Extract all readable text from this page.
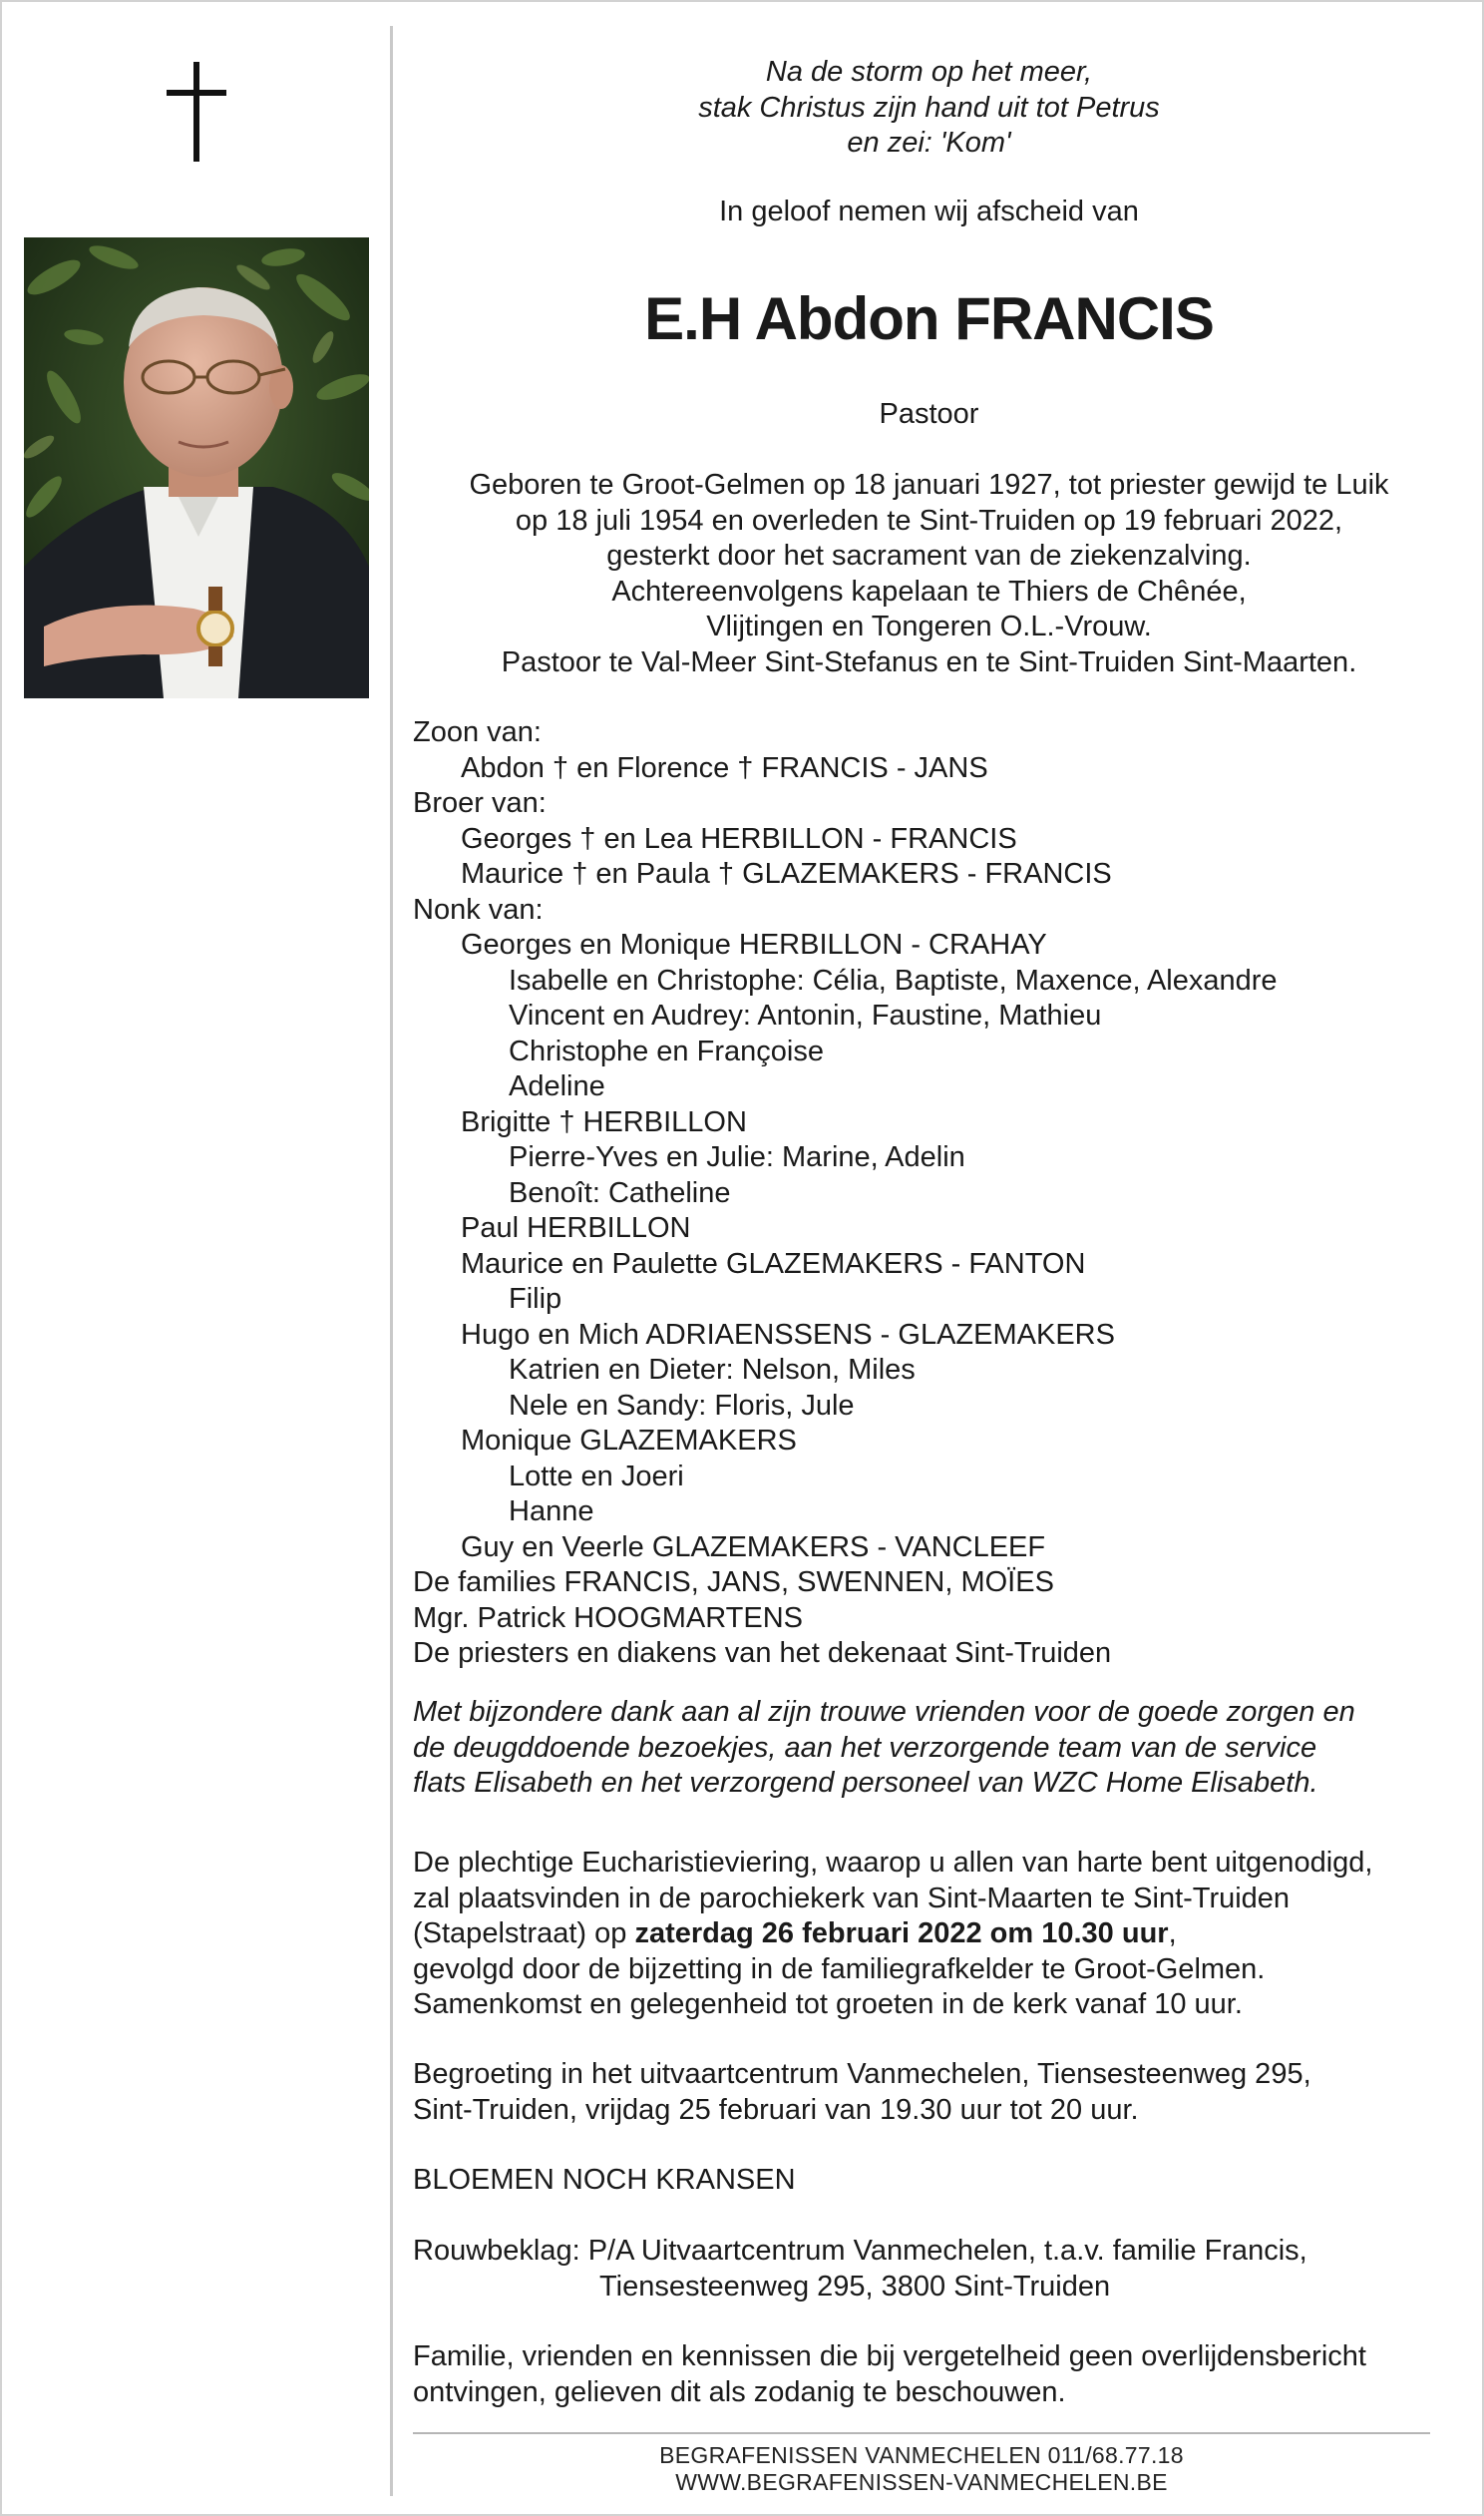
Na de storm op het meer,
stak Christus zijn hand uit tot Petrus
en zei: 'Kom'
In geloof nemen wij afscheid van
E.H Abdon FRANCIS
Pastoor
Geboren te Groot-Gelmen op 18 januari 1927, tot priester gewijd te Luik
op 18 juli 1954 en overleden te Sint-Truiden op 19 februari 2022,
gesterkt door het sacrament van de ziekenzalving.
Achtereenvolgens kapelaan te Thiers de Chênée,
Vlijtingen en Tongeren O.L.-Vrouw.
Pastoor te Val-Meer Sint-Stefanus en te Sint-Truiden Sint-Maarten.
Zoon van:
Abdon † en Florence † FRANCIS - JANS
Broer van:
Georges † en Lea HERBILLON - FRANCIS
Maurice † en Paula † GLAZEMAKERS - FRANCIS
Nonk van:
Georges en Monique HERBILLON - CRAHAY
Isabelle en Christophe: Célia, Baptiste, Maxence, Alexandre
Vincent en Audrey: Antonin, Faustine, Mathieu
Christophe en Françoise
Adeline
Brigitte † HERBILLON
Pierre-Yves en Julie: Marine, Adelin
Benoît: Catheline
Paul HERBILLON
Maurice en Paulette GLAZEMAKERS - FANTON
Filip
Hugo en Mich ADRIAENSSENS - GLAZEMAKERS
Katrien en Dieter: Nelson, Miles
Nele en Sandy: Floris, Jule
Monique GLAZEMAKERS
Lotte en Joeri
Hanne
Guy en Veerle GLAZEMAKERS - VANCLEEF
De families FRANCIS, JANS, SWENNEN, MOÏES
Mgr. Patrick HOOGMARTENS
De priesters en diakens van het dekenaat Sint-Truiden
Met bijzondere dank aan al zijn trouwe vrienden voor de goede zorgen en
de deugddoende bezoekjes, aan het verzorgende team van de service
flats Elisabeth en het verzorgend personeel van WZC Home Elisabeth.
De plechtige Eucharistieviering, waarop u allen van harte bent uitgenodigd,
zal plaatsvinden in de parochiekerk van Sint-Maarten te Sint-Truiden
(Stapelstraat) op zaterdag 26 februari 2022 om 10.30 uur,
gevolgd door de bijzetting in de familiegrafkelder te Groot-Gelmen.
Samenkomst en gelegenheid tot groeten in de kerk vanaf 10 uur.
Begroeting in het uitvaartcentrum Vanmechelen, Tiensesteenweg 295,
Sint-Truiden, vrijdag 25 februari van 19.30 uur tot 20 uur.
BLOEMEN NOCH KRANSEN
Rouwbeklag: P/A Uitvaartcentrum Vanmechelen, t.a.v. familie Francis,
Tiensesteenweg 295, 3800 Sint-Truiden
Familie, vrienden en kennissen die bij vergetelheid geen overlijdensbericht
ontvingen, gelieven dit als zodanig te beschouwen.
BEGRAFENISSEN VANMECHELEN 011/68.77.18
WWW.BEGRAFENISSEN-VANMECHELEN.BE
